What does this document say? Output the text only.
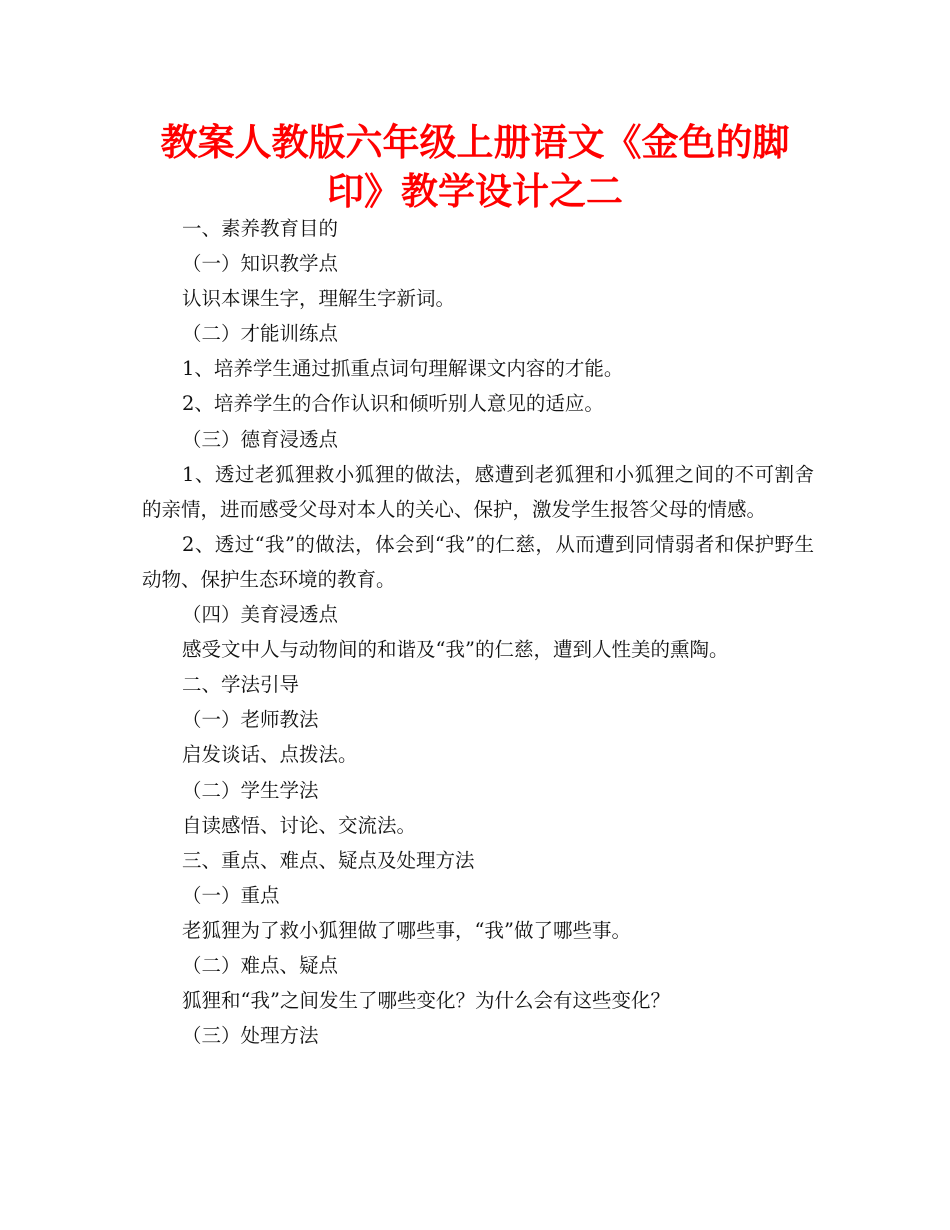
教案人教版六年级上册语文《金色的脚印》教学设计之二

一、素养教育目的

（一）知识教学点

认识本课生字，理解生字新词。

（二）才能训练点

1、培养学生通过抓重点词句理解课文内容的才能。

2、培养学生的合作认识和倾听别人意见的适应。

（三）德育浸透点

1、透过老狐狸救小狐狸的做法，感遭到老狐狸和小狐狸之间的不可割舍的亲情，进而感受父母对本人的关心、保护，激发学生报答父母的情感。

2、透过“我”的做法，体会到“我”的仁慈，从而遭到同情弱者和保护野生动物、保护生态环境的教育。

（四）美育浸透点

感受文中人与动物间的和谐及“我”的仁慈，遭到人性美的熏陶。

二、学法引导

（一）老师教法

启发谈话、点拨法。

（二）学生学法

自读感悟、讨论、交流法。

三、重点、难点、疑点及处理方法

（一）重点

老狐狸为了救小狐狸做了哪些事，“我”做了哪些事。

（二）难点、疑点

狐狸和“我”之间发生了哪些变化？为什么会有这些变化？

（三）处理方法
